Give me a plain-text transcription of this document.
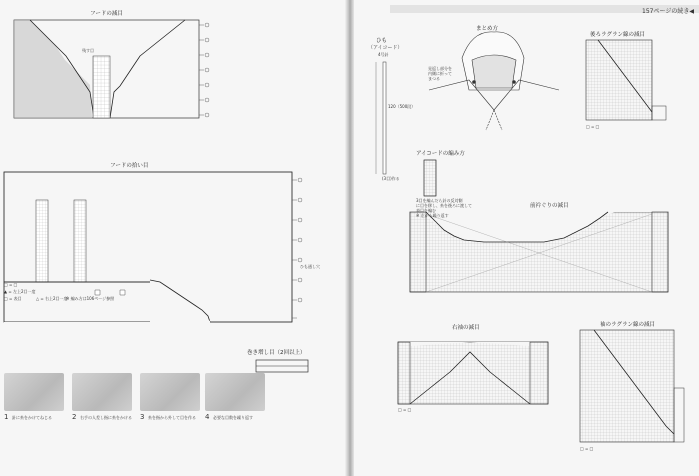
フードの減目
残す目
フードの拾い目
ひも通し穴
□ = □
▲ = 左上2目一度
□ = 表目	△ = 右上2目一度
※ 編み方は106ページ参照
巻き増し目（2回以上）
1 針に糸をかけてねじる	2 右手の人差し指に糸をかける 3 糸を指から外して目を作る 4 必要な目数を繰り返す
157ページの続き◀
まとめ方
見返し部分を
内側に折って
まつる
ひも
（アイコード）
4号針
120（500段）
(3目)作る
アイコードの編み方
3目を編んだら針の反対側
に目を移し、糸を後ろに渡して
表目を編む
※ 左から繰り返す
後ろラグラン線の減目
□ = □
前衿ぐりの減目
右袖の減目
□ = □
袖のラグラン線の減目
□ = □
